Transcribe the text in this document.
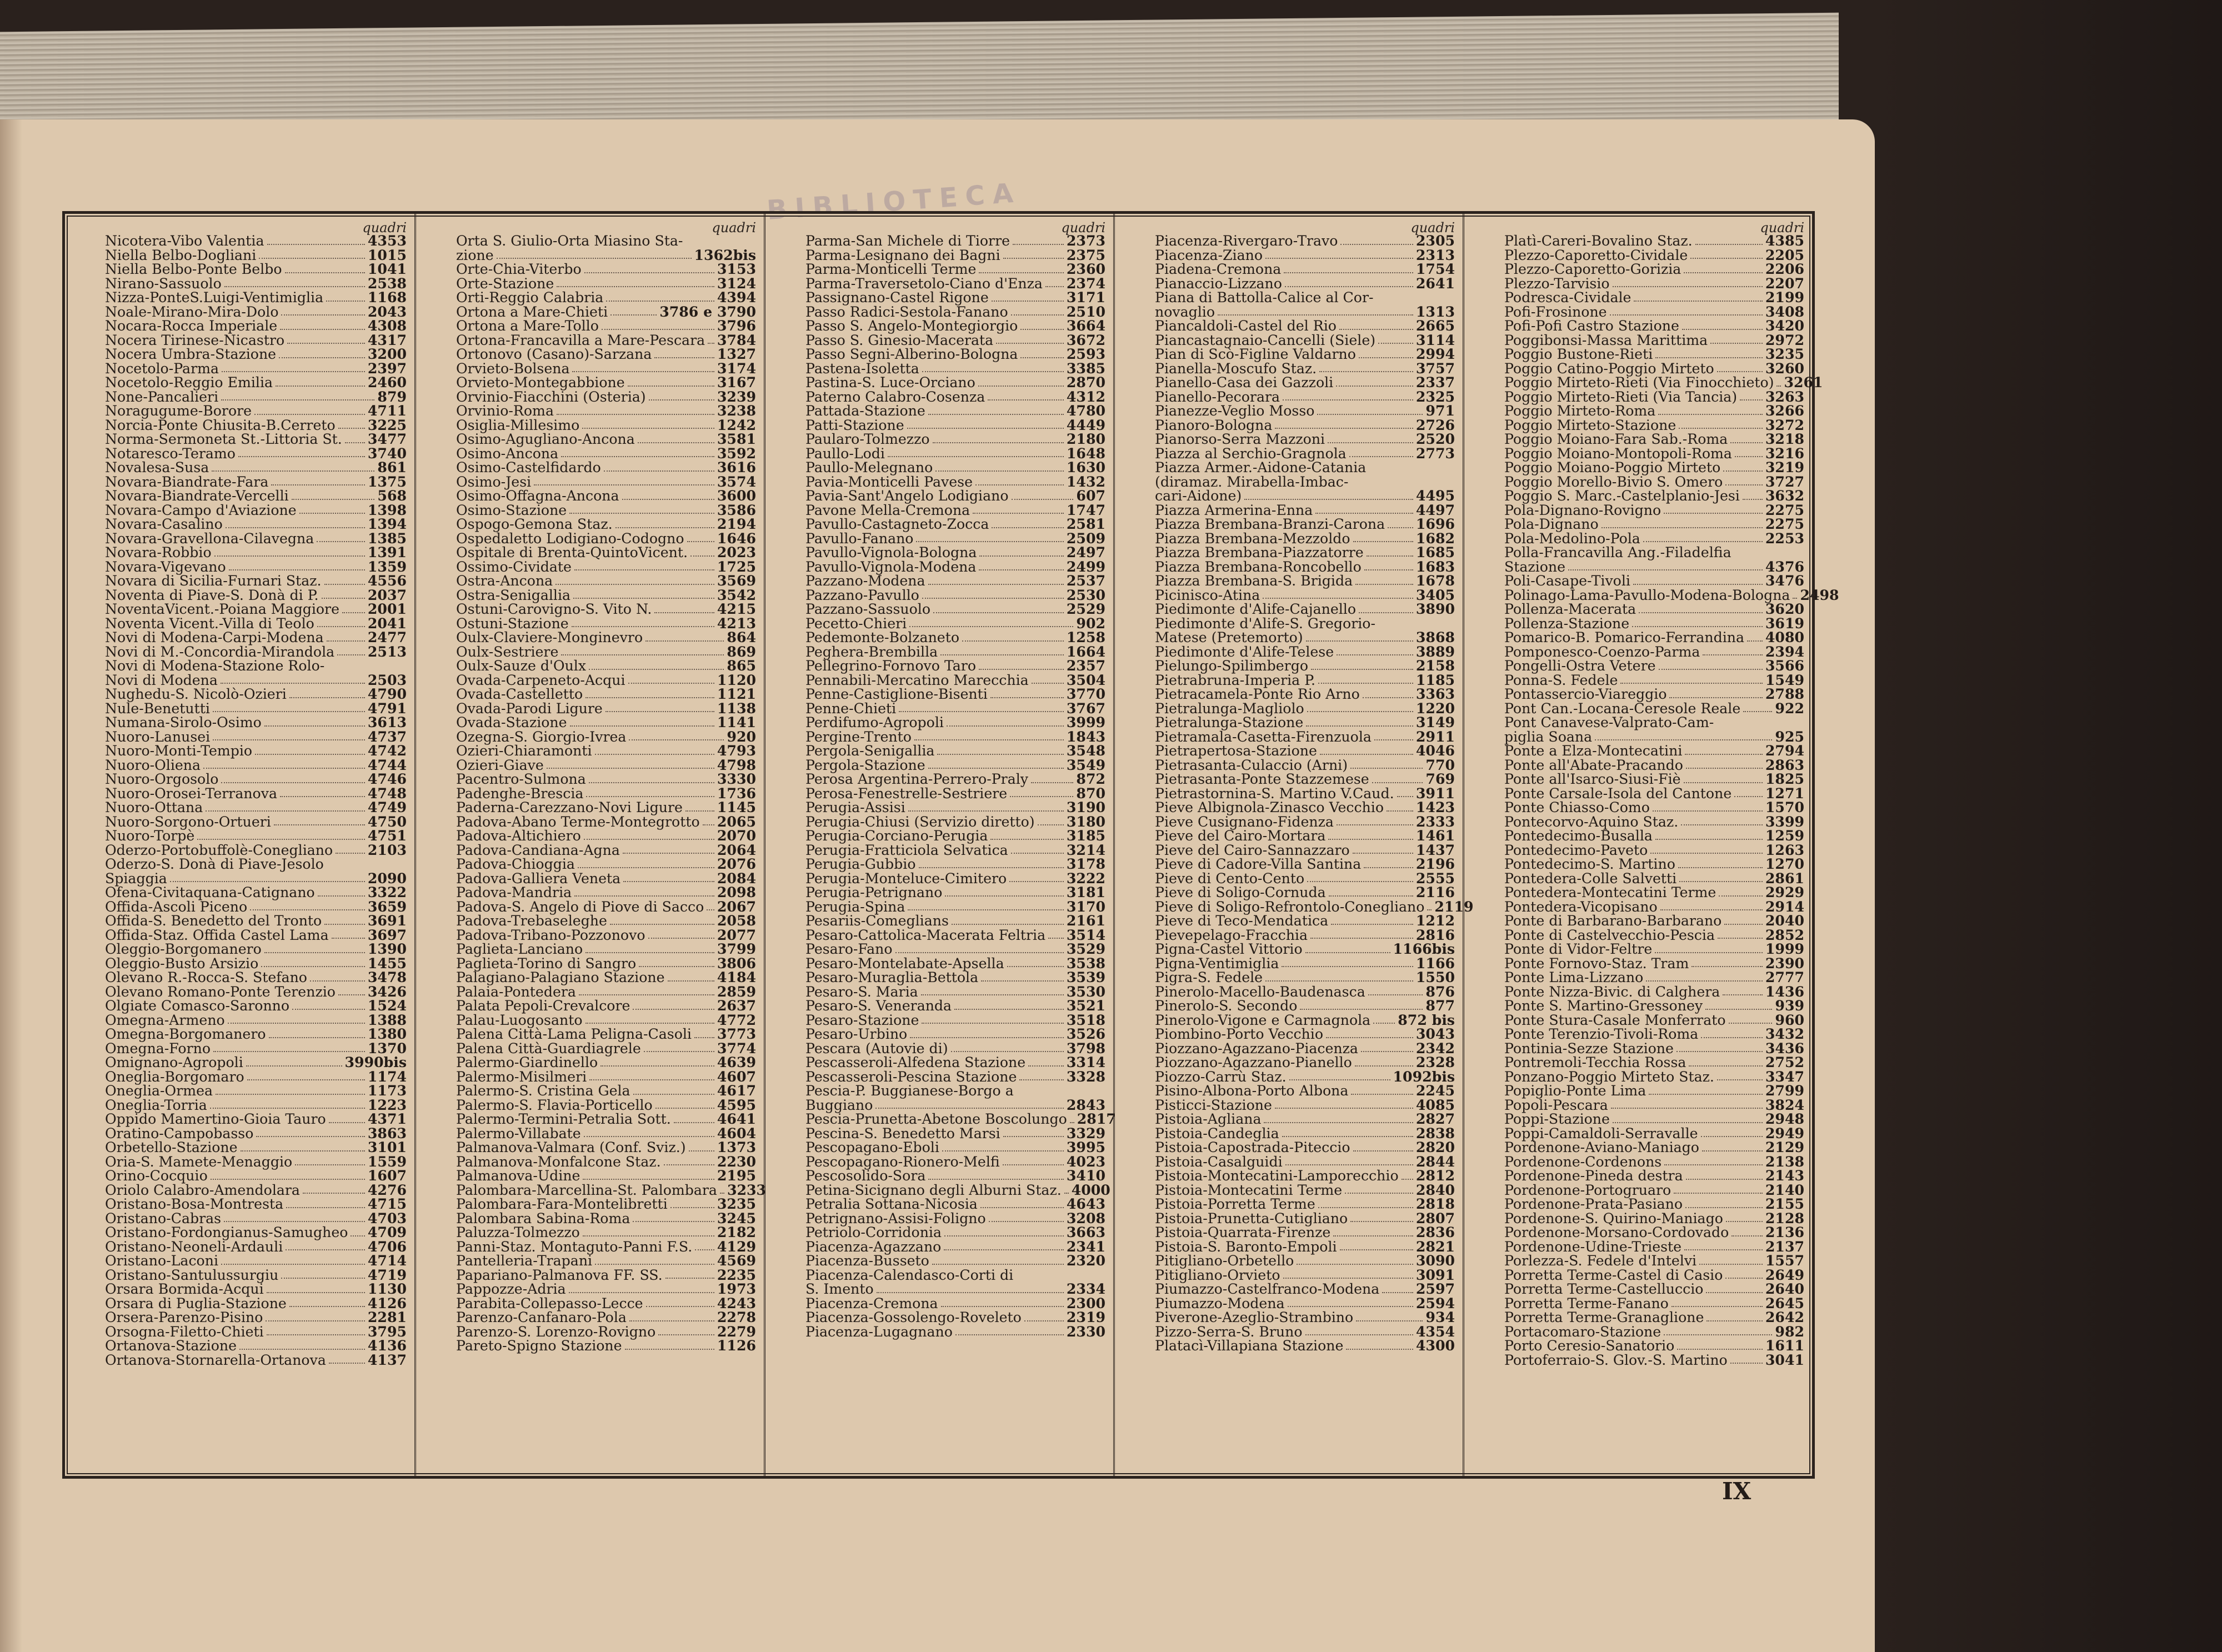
BIBLIOTECA
quadri
Nicotera-Vibo Valentia	4353
Niella Belbo-Dogliani	1015
Niella Belbo-Ponte Belbo	1041
Nirano-Sassuolo	2538
Nizza-PonteS.Luigi-Ventimiglia	1168
Noale-Mirano-Mira-Dolo	2043
Nocara-Rocca Imperiale	4308
Nocera Tirinese-Nicastro	4317
Nocera Umbra-Stazione	3200
Nocetolo-Parma	2397
Nocetolo-Reggio Emilia	2460
None-Pancalieri	879
Noragugume-Borore	4711
Norcia-Ponte Chiusita-B.Cerreto 3225
Norma-Sermoneta St.-Littoria St. 3477
Notaresco-Teramo	3740
Novalesa-Susa	861
Novara-Biandrate-Fara	1375
Novara-Biandrate-Vercelli	568
Novara-Campo d'Aviazione	1398
Novara-Casalino	1394
Novara-Gravellona-Cilavegna	1385
Novara-Robbio	1391
Novara-Vigevano	1359
Novara di Sicilia-Furnari Staz.	4556
Noventa di Piave-S. Donà di P.	2037
NoventaVicent.-Poiana Maggiore 2001
Noventa Vicent.-Villa di Teolo	2041
Novi di Modena-Carpi-Modena	2477
Novi di M.-Concordia-Mirandola 2513
Novi di Modena-Stazione Rolo-
Novi di Modena	2503
Nughedu-S. Nicolò-Ozieri	4790
Nule-Benetutti	4791
Numana-Sirolo-Osimo	3613
Nuoro-Lanusei	4737
Nuoro-Monti-Tempio	4742
Nuoro-Oliena	4744
Nuoro-Orgosolo	4746
Nuoro-Orosei-Terranova	4748
Nuoro-Ottana	4749
Nuoro-Sorgono-Ortueri	4750
Nuoro-Torpè	4751
Oderzo-Portobuffolè-Conegliano 2103
Oderzo-S. Donà di Piave-Jesolo
Spiaggia	2090
Ofena-Civitaquana-Catignano	3322
Offida-Ascoli Piceno	3659
Offida-S. Benedetto del Tronto	3691
Offida-Staz. Offida Castel Lama	3697
Oleggio-Borgomanero	1390
Oleggio-Busto Arsizio	1455
Olevano R.-Rocca-S. Stefano	3478
Olevano Romano-Ponte Terenzio 3426
Olgiate Comasco-Saronno	1524
Omegna-Armeno	1388
Omegna-Borgomanero	1380
Omegna-Forno	1370
Omignano-Agropoli	3990bis
Oneglia-Borgomaro	1174
Oneglia-Ormea	1173
Oneglia-Torria	1223
Oppido Mamertino-Gioia Tauro	4371
Oratino-Campobasso	3863
Orbetello-Stazione	3101
Oria-S. Mamete-Menaggio	1559
Orino-Cocquio	1607
Oriolo Calabro-Amendolara	4276
Oristano-Bosa-Montresta	4715
Oristano-Cabras	4703
Oristano-Fordongianus-Samugheo 4709
Oristano-Neoneli-Ardauli	4706
Oristano-Laconi	4714
Oristano-Santulussurgiu	4719
Orsara Bormida-Acqui	1130
Orsara di Puglia-Stazione	4126
Orsera-Parenzo-Pisino	2281
Orsogna-Filetto-Chieti	3795
Ortanova-Stazione	4136
Ortanova-Stornarella-Ortanova	4137
quadri
Orta S. Giulio-Orta Miasino Sta-
zione	1362bis
Orte-Chia-Viterbo	3153
Orte-Stazione	3124
Orti-Reggio Calabria	4394
Ortona a Mare-Chieti	3786 e 3790
Ortona a Mare-Tollo	3796
Ortona-Francavilla a Mare-Pescara 3784
Ortonovo (Casano)-Sarzana	1327
Orvieto-Bolsena	3174
Orvieto-Montegabbione	3167
Orvinio-Fiacchini (Osteria)	3239
Orvinio-Roma	3238
Osiglia-Millesimo	1242
Osimo-Agugliano-Ancona	3581
Osimo-Ancona	3592
Osimo-Castelfidardo	3616
Osimo-Jesi	3574
Osimo-Offagna-Ancona	3600
Osimo-Stazione	3586
Ospogo-Gemona Staz.	2194
Ospedaletto Lodigiano-Codogno 1646
Ospitale di Brenta-QuintoVicent. 2023
Ossimo-Cividate	1725
Ostra-Ancona	3569
Ostra-Senigallia	3542
Ostuni-Carovigno-S. Vito N.	4215
Ostuni-Stazione	4213
Oulx-Claviere-Monginevro	864
Oulx-Sestriere	869
Oulx-Sauze d'Oulx	865
Ovada-Carpeneto-Acqui	1120
Ovada-Castelletto	1121
Ovada-Parodi Ligure	1138
Ovada-Stazione	1141
Ozegna-S. Giorgio-Ivrea	920
Ozieri-Chiaramonti	4793
Ozieri-Giave	4798
Pacentro-Sulmona	3330
Padenghe-Brescia	1736
Paderna-Carezzano-Novi Ligure 1145
Padova-Abano Terme-Montegrotto 2065
Padova-Altichiero	2070
Padova-Candiana-Agna	2064
Padova-Chioggia	2076
Padova-Galliera Veneta	2084
Padova-Mandria	2098
Padova-S. Angelo di Piove di Sacco 2067
Padova-Trebaseleghe	2058
Padova-Tribano-Pozzonovo	2077
Paglieta-Lanciano	3799
Paglieta-Torino di Sangro	3806
Palagiano-Palagiano Stazione	4184
Palaia-Pontedera	2859
Palata Pepoli-Crevalcore	2637
Palau-Luogosanto	4772
Palena Città-Lama Peligna-Casoli 3773
Palena Città-Guardiagrele	3774
Palermo-Giardinello	4639
Palermo-Misilmeri	4607
Palermo-S. Cristina Gela	4617
Palermo-S. Flavia-Porticello	4595
Palermo-Termini-Petralia Sott.	4641
Palermo-Villabate	4604
Palmanova-Valmara (Conf. Sviz.) 1373
Palmanova-Monfalcone Staz.	2230
Palmanova-Udine	2195
Palombara-Marcellina-St. Palombara 3233
Palombara-Fara-Montelibretti	3235
Palombara Sabina-Roma	3245
Paluzza-Tolmezzo	2182
Panni-Staz. Montaguto-Panni F.S. 4129
Pantelleria-Trapani	4569
Papariano-Palmanova FF. SS.	2235
Pappozze-Adria	1973
Parabita-Collepasso-Lecce	4243
Parenzo-Canfanaro-Pola	2278
Parenzo-S. Lorenzo-Rovigno	2279
Pareto-Spigno Stazione	1126
quadri
Parma-San Michele di Tiorre	2373
Parma-Lesignano dei Bagni	2375
Parma-Monticelli Terme	2360
Parma-Traversetolo-Ciano d'Enza 2374
Passignano-Castel Rigone	3171
Passo Radici-Sestola-Fanano	2510
Passo S. Angelo-Montegiorgio	3664
Passo S. Ginesio-Macerata	3672
Passo Segni-Alberino-Bologna	2593
Pastena-Isoletta	3385
Pastina-S. Luce-Orciano	2870
Paterno Calabro-Cosenza	4312
Pattada-Stazione	4780
Patti-Stazione	4449
Paularo-Tolmezzo	2180
Paullo-Lodi	1648
Paullo-Melegnano	1630
Pavia-Monticelli Pavese	1432
Pavia-Sant'Angelo Lodigiano	607
Pavone Mella-Cremona	1747
Pavullo-Castagneto-Zocca	2581
Pavullo-Fanano	2509
Pavullo-Vignola-Bologna	2497
Pavullo-Vignola-Modena	2499
Pazzano-Modena	2537
Pazzano-Pavullo	2530
Pazzano-Sassuolo	2529
Pecetto-Chieri	902
Pedemonte-Bolzaneto	1258
Peghera-Brembilla	1664
Pellegrino-Fornovo Taro	2357
Pennabili-Mercatino Marecchia	3504
Penne-Castiglione-Bisenti	3770
Penne-Chieti	3767
Perdifumo-Agropoli	3999
Pergine-Trento	1843
Pergola-Senigallia	3548
Pergola-Stazione	3549
Perosa Argentina-Perrero-Praly	872
Perosa-Fenestrelle-Sestriere	870
Perugia-Assisi	3190
Perugia-Chiusi (Servizio diretto) 3180
Perugia-Corciano-Perugia	3185
Perugia-Fratticiola Selvatica	3214
Perugia-Gubbio	3178
Perugia-Monteluce-Cimitero	3222
Perugia-Petrignano	3181
Perugia-Spina	3170
Pesariis-Comeglians	2161
Pesaro-Cattolica-Macerata Feltria 3514
Pesaro-Fano	3529
Pesaro-Montelabate-Apsella	3538
Pesaro-Muraglia-Bettola	3539
Pesaro-S. Maria	3530
Pesaro-S. Veneranda	3521
Pesaro-Stazione	3518
Pesaro-Urbino	3526
Pescara (Autovie di)	3798
Pescasseroli-Alfedena Stazione	3314
Pescasseroli-Pescina Stazione	3328
Pescia-P. Buggianese-Borgo a
Buggiano	2843
Pescia-Prunetta-Abetone Boscolungo 2817
Pescina-S. Benedetto Marsi	3329
Pescopagano-Eboli	3995
Pescopagano-Rionero-Melfi	4023
Pescosolido-Sora	3410
Petina-Sicignano degli Alburni Staz. 4000
Petralia Sottana-Nicosia	4643
Petrignano-Assisi-Foligno	3208
Petriolo-Corridonia	3663
Piacenza-Agazzano	2341
Piacenza-Busseto	2320
Piacenza-Calendasco-Corti di
S. Imento	2334
Piacenza-Cremona	2300
Piacenza-Gossolengo-Roveleto	2319
Piacenza-Lugagnano	2330
quadri
Piacenza-Rivergaro-Travo	2305
Piacenza-Ziano	2313
Piadena-Cremona	1754
Pianaccio-Lizzano	2641
Piana di Battolla-Calice al Cor-
novaglio	1313
Piancaldoli-Castel del Rio	2665
Piancastagnaio-Cancelli (Siele)	3114
Pian di Scò-Figline Valdarno	2994
Pianella-Moscufo Staz.	3757
Pianello-Casa dei Gazzoli	2337
Pianello-Pecorara	2325
Pianezze-Veglio Mosso	971
Pianoro-Bologna	2726
Pianorso-Serra Mazzoni	2520
Piazza al Serchio-Gragnola	2773
Piazza Armer.-Aidone-Catania
(diramaz. Mirabella-Imbac-
cari-Aidone)	4495
Piazza Armerina-Enna	4497
Piazza Brembana-Branzi-Carona 1696
Piazza Brembana-Mezzoldo	1682
Piazza Brembana-Piazzatorre	1685
Piazza Brembana-Roncobello	1683
Piazza Brembana-S. Brigida	1678
Picinisco-Atina	3405
Piedimonte d'Alife-Cajanello	3890
Piedimonte d'Alife-S. Gregorio-
Matese (Pretemorto)	3868
Piedimonte d'Alife-Telese	3889
Pielungo-Spilimbergo	2158
Pietrabruna-Imperia P.	1185
Pietracamela-Ponte Rio Arno	3363
Pietralunga-Magliolo	1220
Pietralunga-Stazione	3149
Pietramala-Casetta-Firenzuola	2911
Pietrapertosa-Stazione	4046
Pietrasanta-Culaccio (Arni)	770
Pietrasanta-Ponte Stazzemese	769
Pietrastornina-S. Martino V.Caud. 3911
Pieve Albignola-Zinasco Vecchio 1423
Pieve Cusignano-Fidenza	2333
Pieve del Cairo-Mortara	1461
Pieve del Cairo-Sannazzaro	1437
Pieve di Cadore-Villa Santina	2196
Pieve di Cento-Cento	2555
Pieve di Soligo-Cornuda	2116
Pieve di Soligo-Refrontolo-Conegliano 2119
Pieve di Teco-Mendatica	1212
Pievepelago-Fracchia	2816
Pigna-Castel Vittorio	1166bis
Pigna-Ventimiglia	1166
Pigra-S. Fedele	1550
Pinerolo-Macello-Baudenasca	876
Pinerolo-S. Secondo	877
Pinerolo-Vigone e Carmagnola 872 bis
Piombino-Porto Vecchio	3043
Piozzano-Agazzano-Piacenza	2342
Piozzano-Agazzano-Pianello	2328
Piozzo-Carrù Staz.	1092bis
Pisino-Albona-Porto Albona	2245
Pisticci-Stazione	4085
Pistoia-Agliana	2827
Pistoia-Candeglia	2838
Pistoia-Capostrada-Piteccio	2820
Pistoia-Casalguidi	2844
Pistoia-Montecatini-Lamporecchio 2812
Pistoia-Montecatini Terme	2840
Pistoia-Porretta Terme	2818
Pistoia-Prunetta-Cutigliano	2807
Pistoia-Quarrata-Firenze	2836
Pistoia-S. Baronto-Empoli	2821
Pitigliano-Orbetello	3090
Pitigliano-Orvieto	3091
Piumazzo-Castelfranco-Modena	2597
Piumazzo-Modena	2594
Piverone-Azeglio-Strambino	934
Pizzo-Serra-S. Bruno	4354
Platacì-Villapiana Stazione	4300
quadri
Platì-Careri-Bovalino Staz.	4385
Plezzo-Caporetto-Cividale	2205
Plezzo-Caporetto-Gorizia	2206
Plezzo-Tarvisio	2207
Podresca-Cividale	2199
Pofi-Frosinone	3408
Pofi-Pofi Castro Stazione	3420
Poggibonsi-Massa Marittima	2972
Poggio Bustone-Rieti	3235
Poggio Catino-Poggio Mirteto	3260
Poggio Mirteto-Rieti (Via Finocchieto) 3261
Poggio Mirteto-Rieti (Via Tancia) 3263
Poggio Mirteto-Roma	3266
Poggio Mirteto-Stazione	3272
Poggio Moiano-Fara Sab.-Roma	3218
Poggio Moiano-Montopoli-Roma 3216
Poggio Moiano-Poggio Mirteto	3219
Poggio Morello-Bivio S. Omero	3727
Poggio S. Marc.-Castelplanio-Jesi 3632
Pola-Dignano-Rovigno	2275
Pola-Dignano	2275
Pola-Medolino-Pola	2253
Polla-Francavilla Ang.-Filadelfia
Stazione	4376
Poli-Casape-Tivoli	3476
Polinago-Lama-Pavullo-Modena-Bologna 2498
Pollenza-Macerata	3620
Pollenza-Stazione	3619
Pomarico-B. Pomarico-Ferrandina 4080
Pomponesco-Coenzo-Parma	2394
Pongelli-Ostra Vetere	3566
Ponna-S. Fedele	1549
Pontassercio-Viareggio	2788
Pont Can.-Locana-Ceresole Reale 922
Pont Canavese-Valprato-Cam-
piglia Soana	925
Ponte a Elza-Montecatini	2794
Ponte all'Abate-Pracando	2863
Ponte all'Isarco-Siusi-Fiè	1825
Ponte Carsale-Isola del Cantone 1271
Ponte Chiasso-Como	1570
Pontecorvo-Aquino Staz.	3399
Pontedecimo-Busalla	1259
Pontedecimo-Paveto	1263
Pontedecimo-S. Martino	1270
Pontedera-Colle Salvetti	2861
Pontedera-Montecatini Terme	2929
Pontedera-Vicopisano	2914
Ponte di Barbarano-Barbarano	2040
Ponte di Castelvecchio-Pescia	2852
Ponte di Vidor-Feltre	1999
Ponte Fornovo-Staz. Tram	2390
Ponte Lima-Lizzano	2777
Ponte Nizza-Bivic. di Calghera	1436
Ponte S. Martino-Gressoney	939
Ponte Stura-Casale Monferrato	960
Ponte Terenzio-Tivoli-Roma	3432
Pontinia-Sezze Stazione	3436
Pontremoli-Tecchia Rossa	2752
Ponzano-Poggio Mirteto Staz.	3347
Popiglio-Ponte Lima	2799
Popoli-Pescara	3824
Poppi-Stazione	2948
Poppi-Camaldoli-Serravalle	2949
Pordenone-Aviano-Maniago	2129
Pordenone-Cordenons	2138
Pordenone-Pineda destra	2143
Pordenone-Portogruaro	2140
Pordenone-Prata-Pasiano	2155
Pordenone-S. Quirino-Maniago	2128
Pordenone-Morsano-Cordovado	2136
Pordenone-Udine-Trieste	2137
Porlezza-S. Fedele d'Intelvi	1557
Porretta Terme-Castel di Casio	2649
Porretta Terme-Castelluccio	2640
Porretta Terme-Fanano	2645
Porretta Terme-Granaglione	2642
Portacomaro-Stazione	982
Porto Ceresio-Sanatorio	1611
Portoferraio-S. Glov.-S. Martino	3041
IX
